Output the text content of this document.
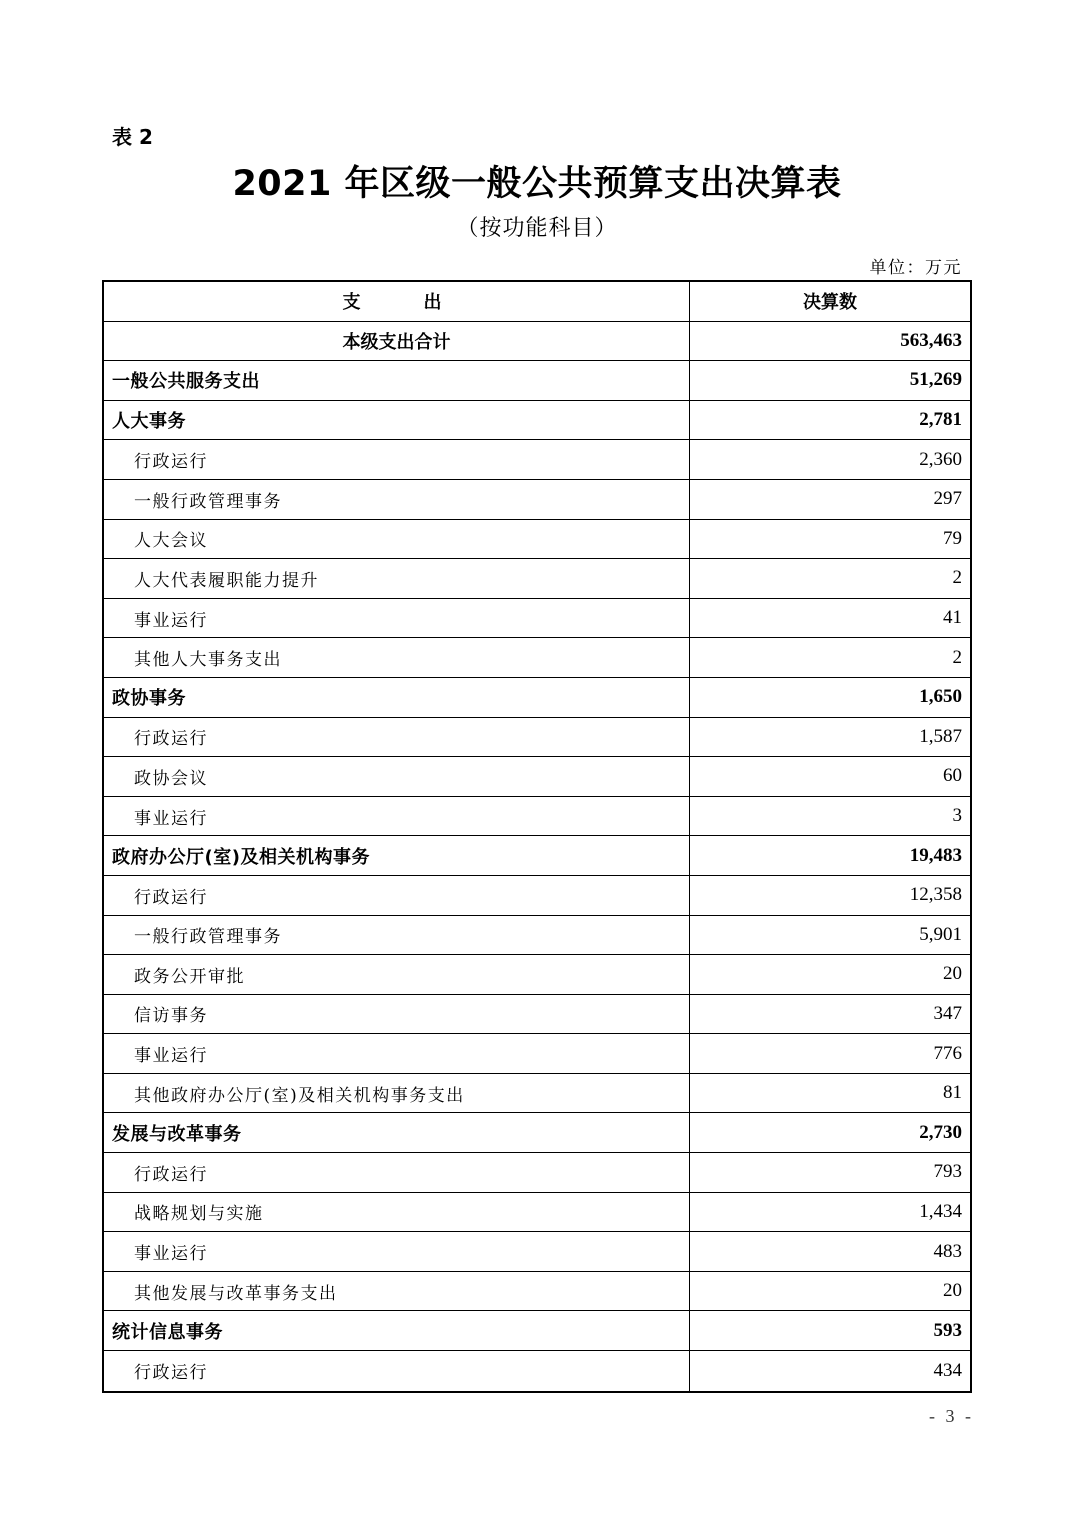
表 2
2021 年区级一般公共预算支出决算表
（按功能科目）
单位：万元
支　　出	决算数
本级支出合计	563,463
一般公共服务支出	51,269
人大事务	2,781
行政运行	2,360
一般行政管理事务	297
人大会议	79
人大代表履职能力提升	2
事业运行	41
其他人大事务支出	2
政协事务	1,650
行政运行	1,587
政协会议	60
事业运行	3
政府办公厅(室)及相关机构事务	19,483
行政运行	12,358
一般行政管理事务	5,901
政务公开审批	20
信访事务	347
事业运行	776
其他政府办公厅(室)及相关机构事务支出	81
发展与改革事务	2,730
行政运行	793
战略规划与实施	1,434
事业运行	483
其他发展与改革事务支出	20
统计信息事务	593
行政运行	434
- 3 -
